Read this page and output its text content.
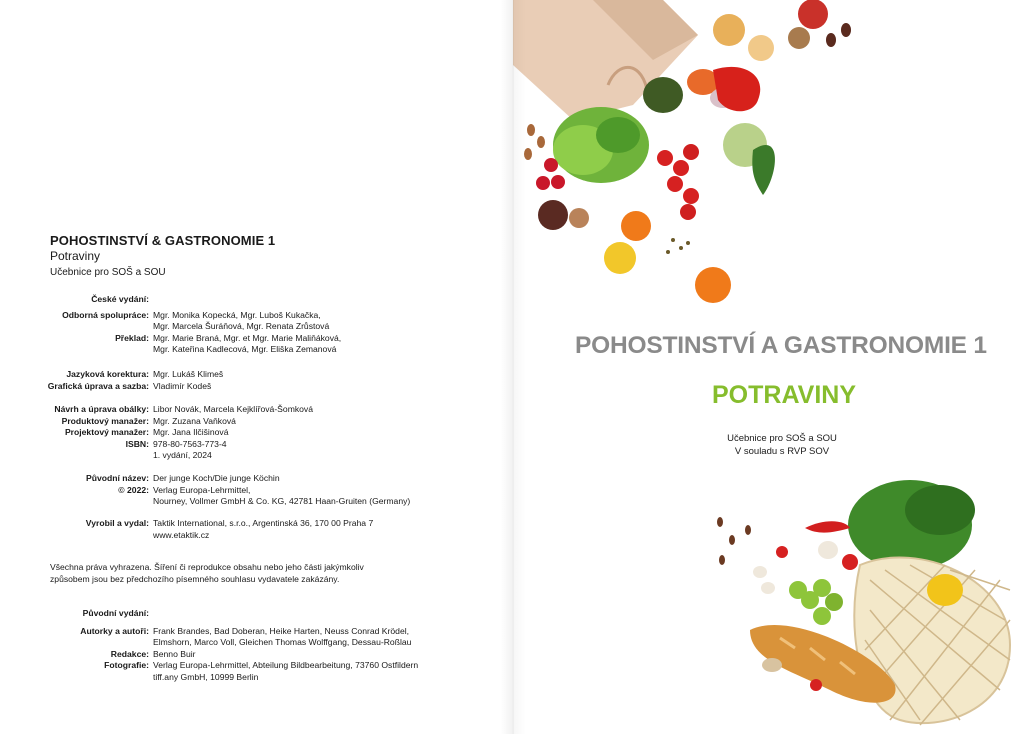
POHOSTINSTVÍ & GASTRONOMIE 1
Potraviny
Učebnice pro SOŠ a SOU
České vydání:
Odborná spolupráce: Mgr. Monika Kopecká, Mgr. Luboš Kukačka,
Mgr. Marcela Šuráňová, Mgr. Renata Zrůstová
Překlad: Mgr. Marie Braná, Mgr. et Mgr. Marie Maliňáková,
Mgr. Kateřina Kadlecová, Mgr. Eliška Zemanová
Jazyková korektura: Mgr. Lukáš Klimeš
Grafická úprava a sazba: Vladimír Kodeš
Návrh a úprava obálky: Libor Novák, Marcela Kejklířová-Šomková
Produktový manažer: Mgr. Zuzana Vaňková
Projektový manažer: Mgr. Jana Ilčišinová
ISBN: 978-80-7563-773-4
1. vydání, 2024
Původní název: Der junge Koch/Die junge Köchin
© 2022: Verlag Europa-Lehrmittel,
Nourney, Vollmer GmbH & Co. KG, 42781 Haan-Gruiten (Germany)
Vyrobil a vydal: Taktik International, s.r.o., Argentinská 36, 170 00 Praha 7
www.etaktik.cz
Všechna práva vyhrazena. Šíření či reprodukce obsahu nebo jeho části jakýmkoliv
způsobem jsou bez předchozího písemného souhlasu vydavatele zakázány.
Původní vydání:
Autorky a autoři: Frank Brandes, Bad Doberan, Heike Harten, Neuss Conrad Krödel,
Elmshorn, Marco Voll, Gleichen Thomas Wolffgang, Dessau-Roßlau
Redakce: Benno Buir
Fotografie: Verlag Europa-Lehrmittel, Abteilung Bildbearbeitung, 73760 Ostfildern
tiff.any GmbH, 10999 Berlin
POHOSTINSTVÍ A GASTRONOMIE 1
POTRAVINY
Učebnice pro SOŠ a SOU
V souladu s RVP SOV
